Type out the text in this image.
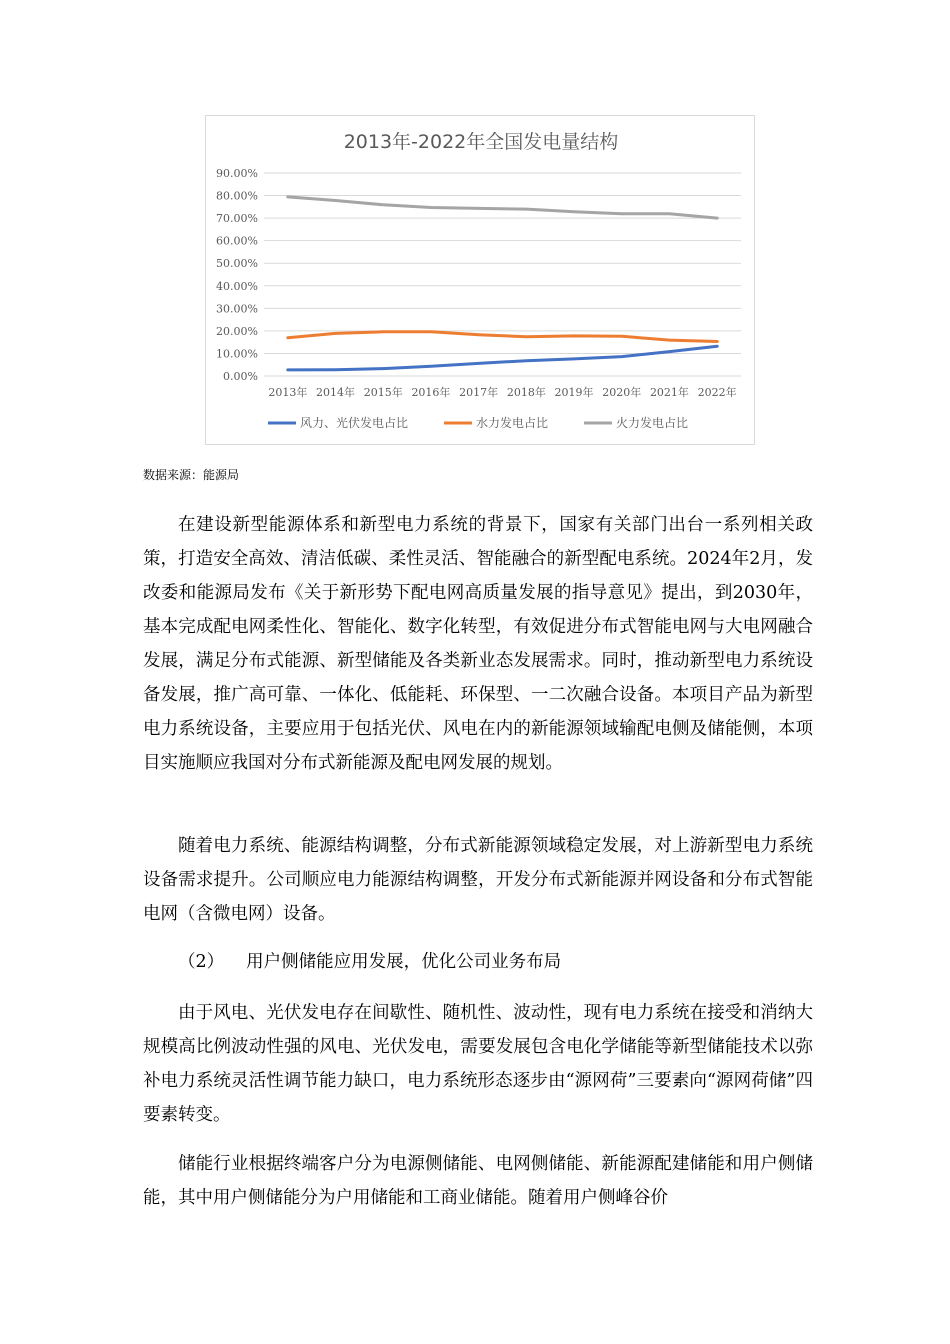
2013年-2022年全国发电量结构
0.00%
10.00%
20.00%
30.00%
40.00%
50.00%
60.00%
70.00%
80.00%
90.00%
2013年 2014年 2015年 2016年 2017年 2018年 2019年 2020年 2021年 2022年
风力、光伏发电占比	水力发电占比	火力发电占比
数据来源：能源局

在建设新型能源体系和新型电力系统的背景下，国家有关部门出台一系列相关政策，打造安全高效、清洁低碳、柔性灵活、智能融合的新型配电系统。2024年2月，发改委和能源局发布《关于新形势下配电网高质量发展的指导意见》提出，到2030年，基本完成配电网柔性化、智能化、数字化转型，有效促进分布式智能电网与大电网融合发展，满足分布式能源、新型储能及各类新业态发展需求。同时，推动新型电力系统设备发展，推广高可靠、一体化、低能耗、环保型、一二次融合设备。本项目产品为新型电力系统设备，主要应用于包括光伏、风电在内的新能源领域输配电侧及储能侧，本项目实施顺应我国对分布式新能源及配电网发展的规划。

随着电力系统、能源结构调整，分布式新能源领域稳定发展，对上游新型电力系统设备需求提升。公司顺应电力能源结构调整，开发分布式新能源并网设备和分布式智能电网（含微电网）设备。

（2） 用户侧储能应用发展，优化公司业务布局

由于风电、光伏发电存在间歇性、随机性、波动性，现有电力系统在接受和消纳大规模高比例波动性强的风电、光伏发电，需要发展包含电化学储能等新型储能技术以弥补电力系统灵活性调节能力缺口，电力系统形态逐步由“源网荷”三要素向“源网荷储”四要素转变。

储能行业根据终端客户分为电源侧储能、电网侧储能、新能源配建储能和用户侧储能，其中用户侧储能分为户用储能和工商业储能。随着用户侧峰谷价
